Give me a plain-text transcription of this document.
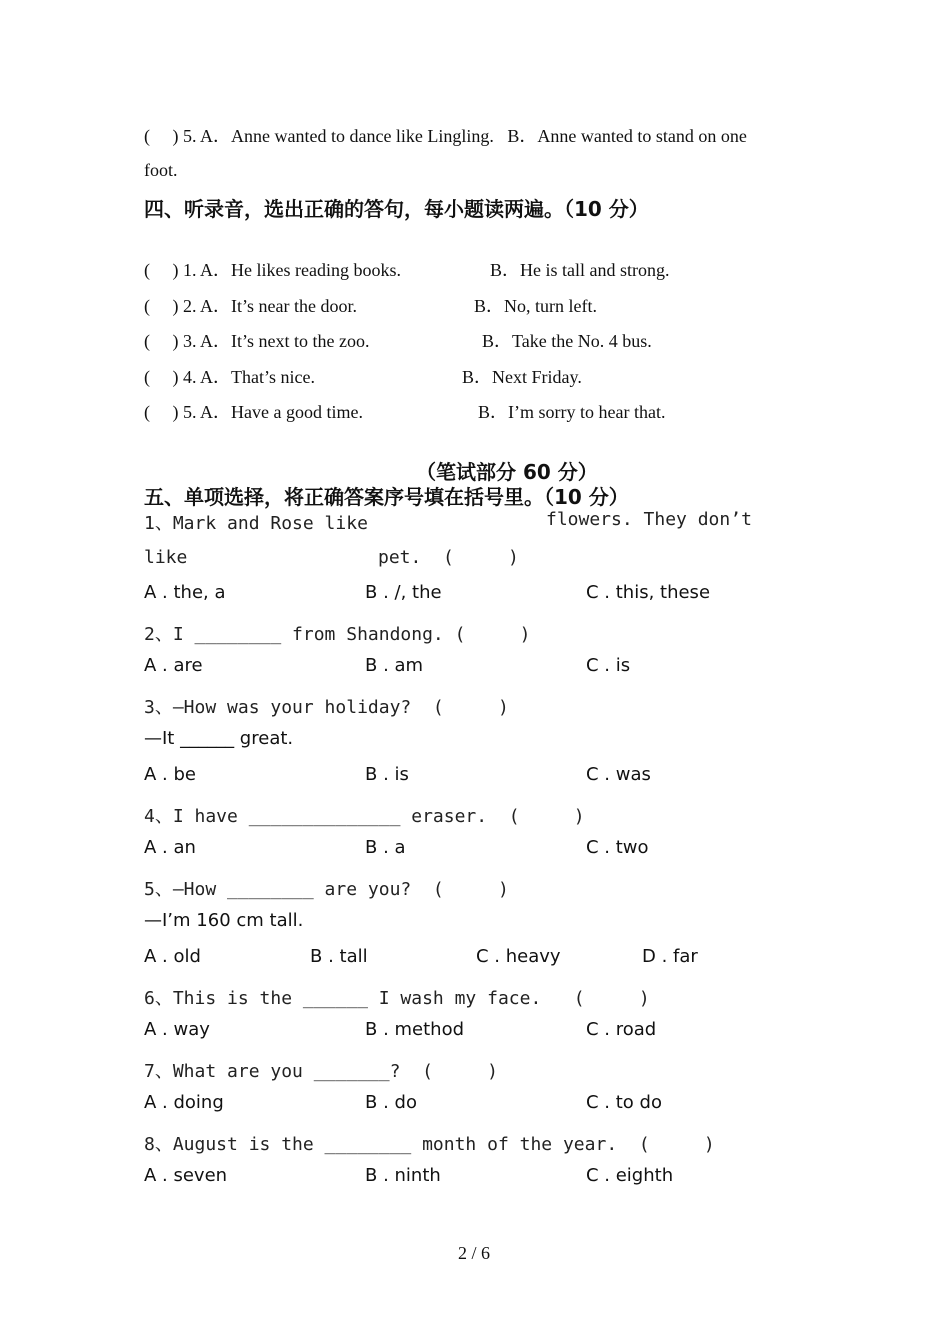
(     ) 5. A．Anne wanted to dance like Lingling.   B．Anne wanted to stand on one
foot.
四、听录音，选出正确的答句，每小题读两遍。（10 分）
(     ) 1. A．He likes reading books.	B．He is tall and strong.
(     ) 2. A．It’s near the door.	B．No, turn left.
(     ) 3. A．It’s next to the zoo.	B．Take the No. 4 bus.
(     ) 4. A．That’s nice.	B．Next Friday.
(     ) 5. A．Have a good time.	B．I’m sorry to hear that.
（笔试部分 60 分）
五、单项选择，将正确答案序号填在括号里。（10 分）
1、Mark and Rose like	flowers. They don’t
like	pet.  (     )
A . the, a	B . /, the	C . this, these
2、I ________ from Shandong. (     )
A . are	B . am	C . is
3、—How was your holiday?  (     )
—It ______ great.
A . be	B . is	C . was
4、I have ______________ eraser.  (     )
A . an	B . a	C . two
5、—How ________ are you?  (     )
—I’m 160 cm tall.
A . old	B . tall	C . heavy	D . far
6、This is the ______ I wash my face.   (     )
A . way	B . method	C . road
7、What are you _______?  (     )
A . doing	B . do	C . to do
8、August is the ________ month of the year.  (     )
A . seven	B . ninth	C . eighth
2 / 6
